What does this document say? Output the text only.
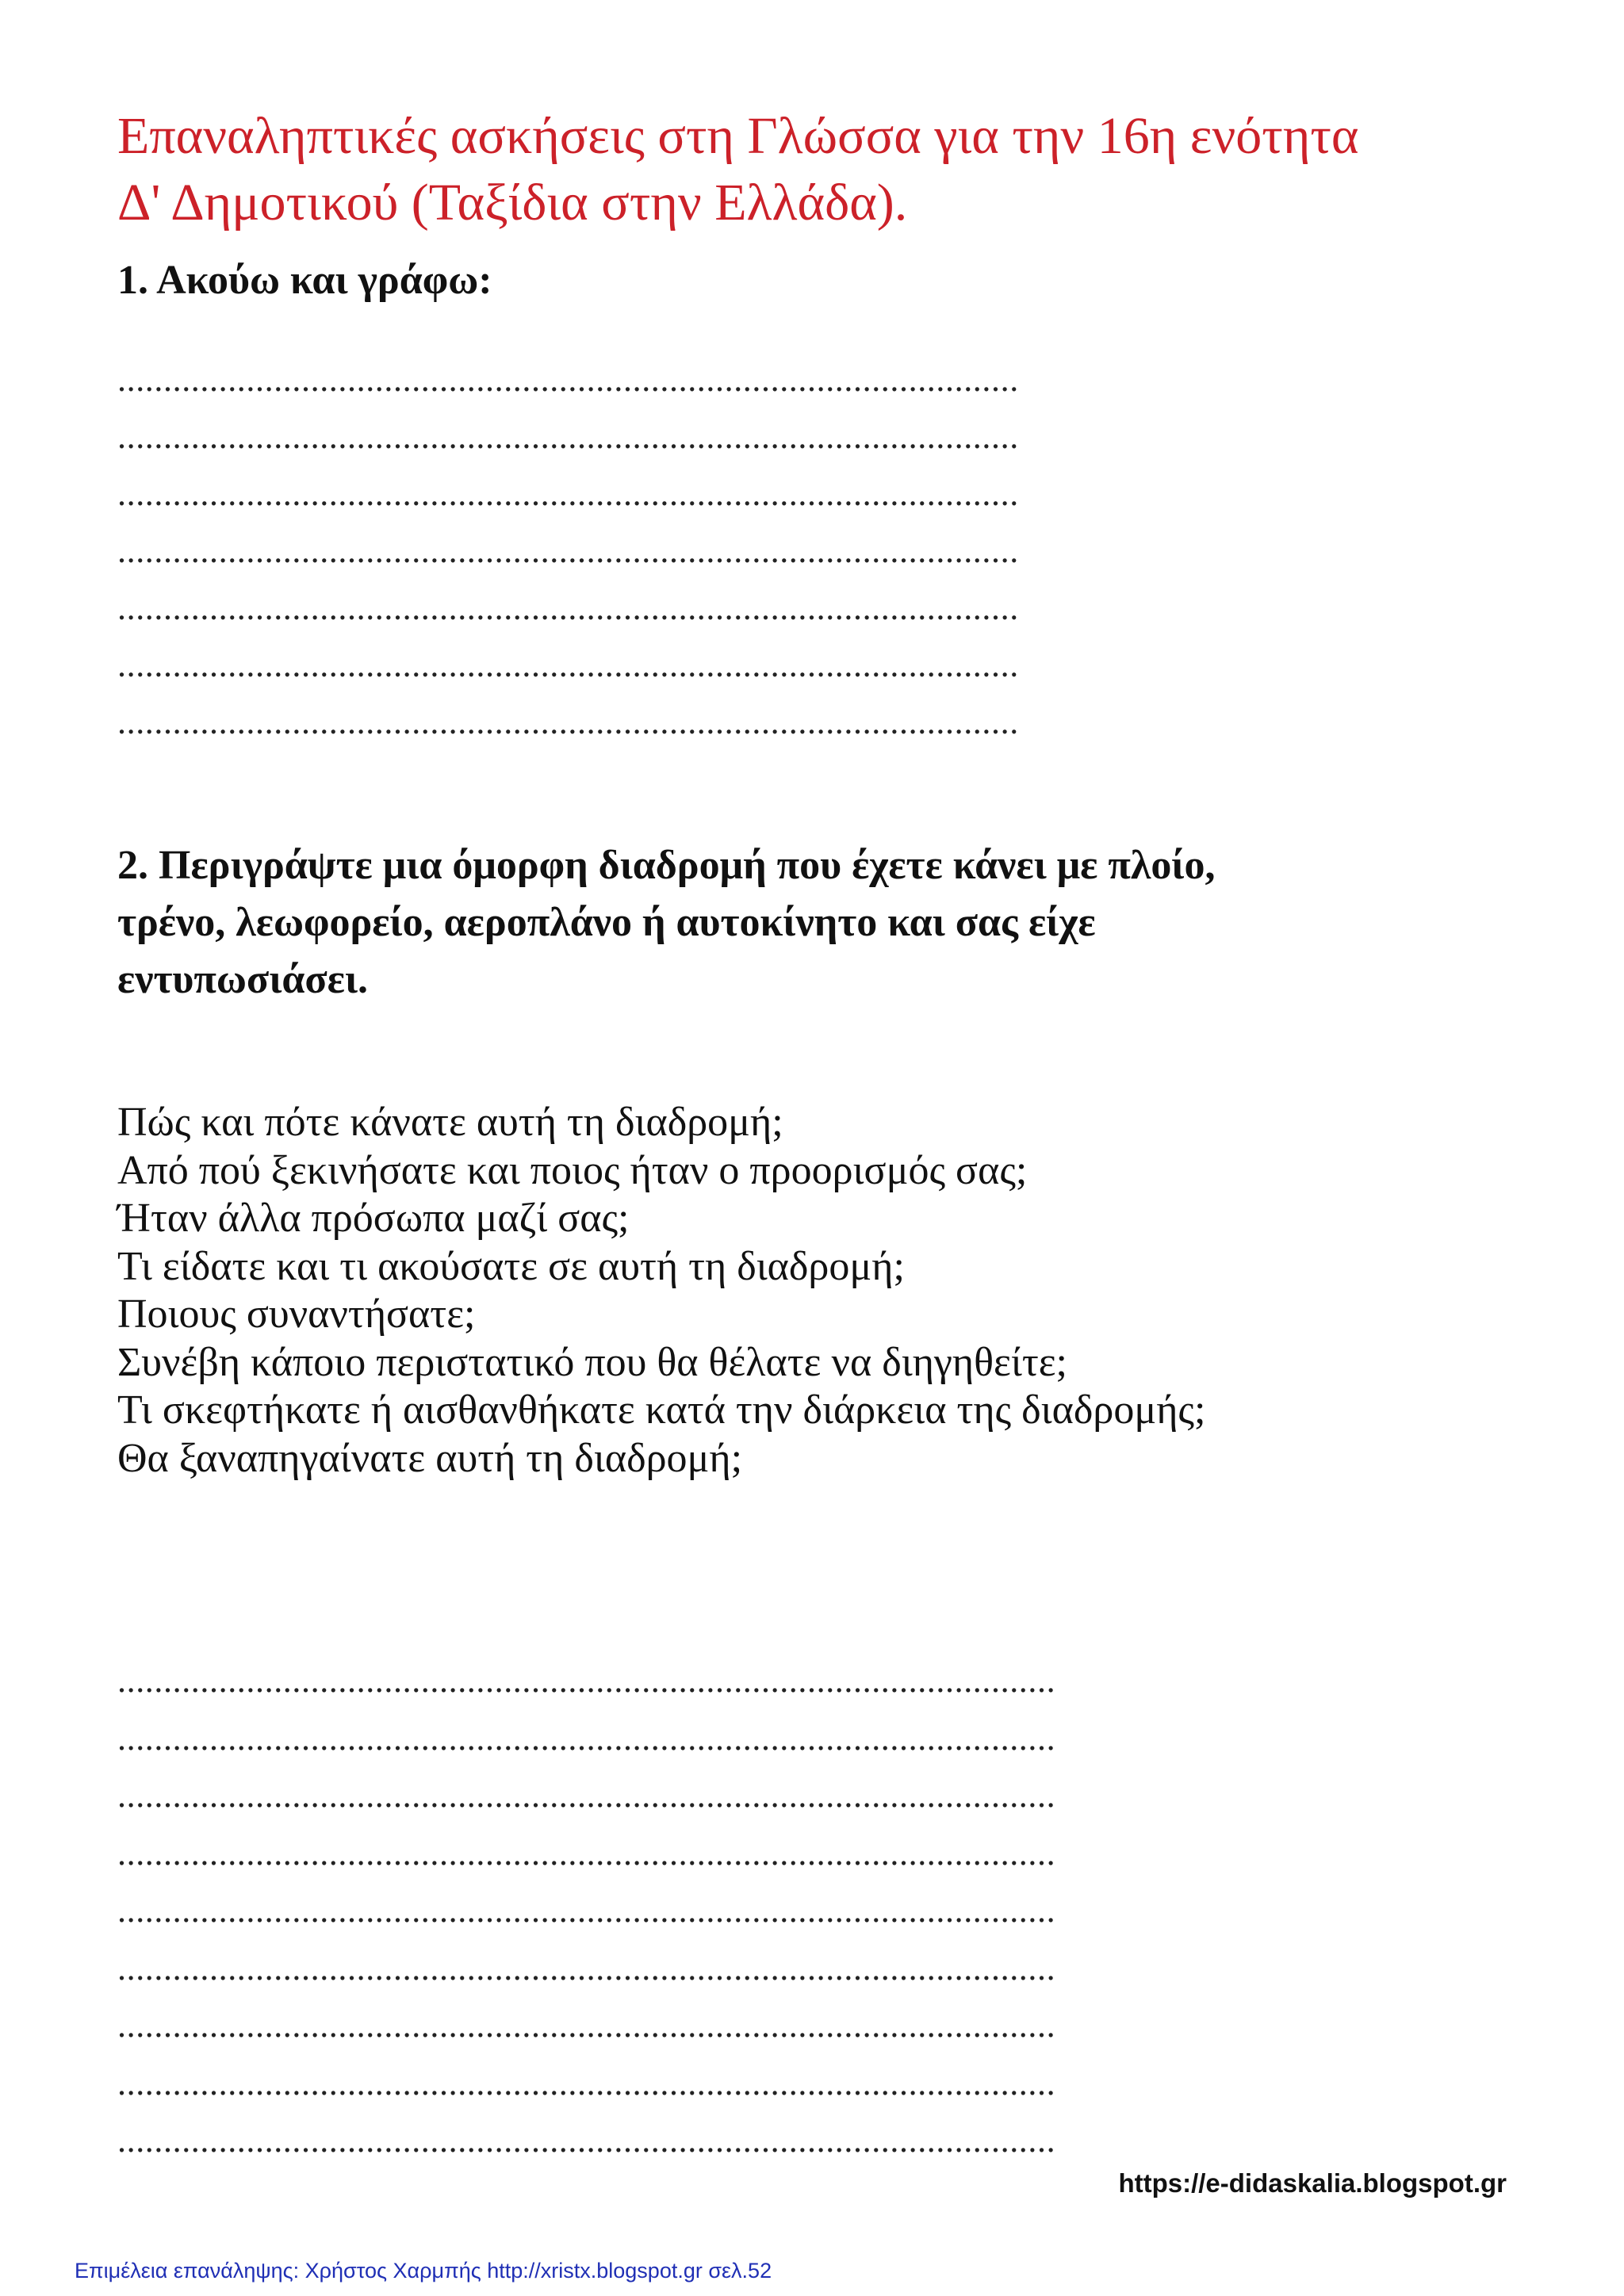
Επαναληπτικές ασκήσεις στη Γλώσσα για την 16η ενότητα
Δ' Δημοτικού (Ταξίδια στην Ελλάδα).
1. Ακούω και γράφω:
..................................................................................................
..................................................................................................
..................................................................................................
..................................................................................................
..................................................................................................
..................................................................................................
..................................................................................................
2. Περιγράψτε μια όμορφη διαδρομή που έχετε κάνει με πλοίο,
τρένο, λεωφορείο, αεροπλάνο ή αυτοκίνητο και σας είχε
εντυπωσιάσει.
Πώς και πότε κάνατε αυτή τη διαδρομή;
Από πού ξεκινήσατε και ποιος ήταν ο προορισμός σας;
Ήταν άλλα πρόσωπα μαζί σας;
Τι είδατε και τι ακούσατε σε αυτή τη διαδρομή;
Ποιους συναντήσατε;
Συνέβη κάποιο περιστατικό που θα θέλατε να διηγηθείτε;
Τι σκεφτήκατε ή αισθανθήκατε κατά την διάρκεια της διαδρομής;
Θα ξαναπηγαίνατε αυτή τη διαδρομή;
......................................................................................................
......................................................................................................
......................................................................................................
......................................................................................................
......................................................................................................
......................................................................................................
......................................................................................................
......................................................................................................
......................................................................................................
https://e-didaskalia.blogspot.gr
Επιμέλεια επανάληψης: Χρήστος Χαρμπής http://xristx.blogspot.gr σελ.52
